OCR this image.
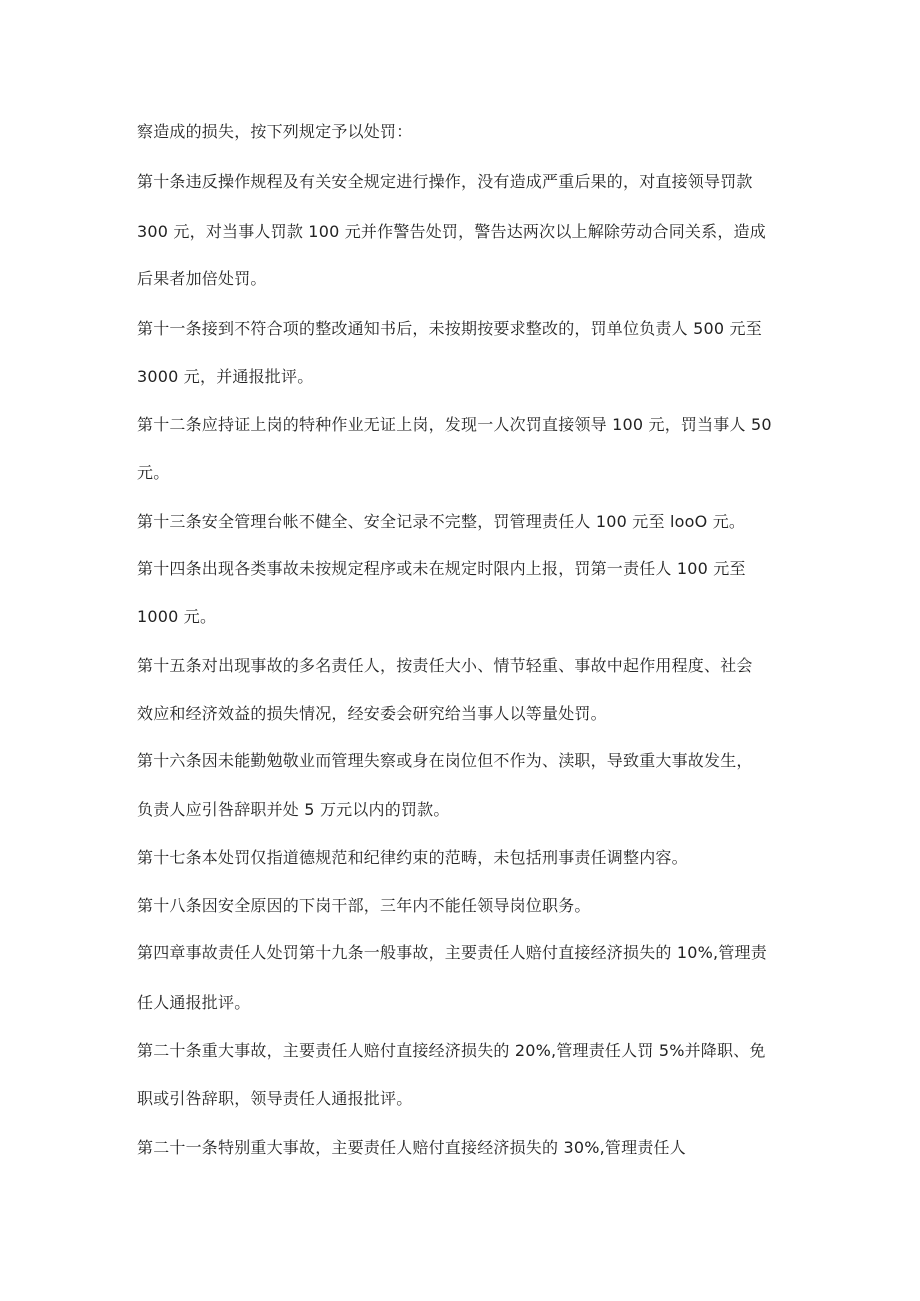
察造成的损失，按下列规定予以处罚：
第十条违反操作规程及有关安全规定进行操作，没有造成严重后果的，对直接领导罚款
300 元，对当事人罚款 100 元并作警告处罚，警告达两次以上解除劳动合同关系，造成
后果者加倍处罚。
第十一条接到不符合项的整改通知书后，未按期按要求整改的，罚单位负责人 500 元至
3000 元，并通报批评。
第十二条应持证上岗的特种作业无证上岗，发现一人次罚直接领导 100 元，罚当事人 50
元。
第十三条安全管理台帐不健全、安全记录不完整，罚管理责任人 100 元至 looO 元。
第十四条出现各类事故未按规定程序或未在规定时限内上报，罚第一责任人 100 元至
1000 元。
第十五条对出现事故的多名责任人，按责任大小、情节轻重、事故中起作用程度、社会
效应和经济效益的损失情况，经安委会研究给当事人以等量处罚。
第十六条因未能勤勉敬业而管理失察或身在岗位但不作为、渎职，导致重大事故发生，
负责人应引咎辞职并处 5 万元以内的罚款。
第十七条本处罚仅指道德规范和纪律约束的范畴，未包括刑事责任调整内容。
第十八条因安全原因的下岗干部，三年内不能任领导岗位职务。
第四章事故责任人处罚第十九条一般事故，主要责任人赔付直接经济损失的 10%,管理责
任人通报批评。
第二十条重大事故，主要责任人赔付直接经济损失的 20%,管理责任人罚 5%并降职、免
职或引咎辞职，领导责任人通报批评。
第二十一条特别重大事故，主要责任人赔付直接经济损失的 30%,管理责任人
